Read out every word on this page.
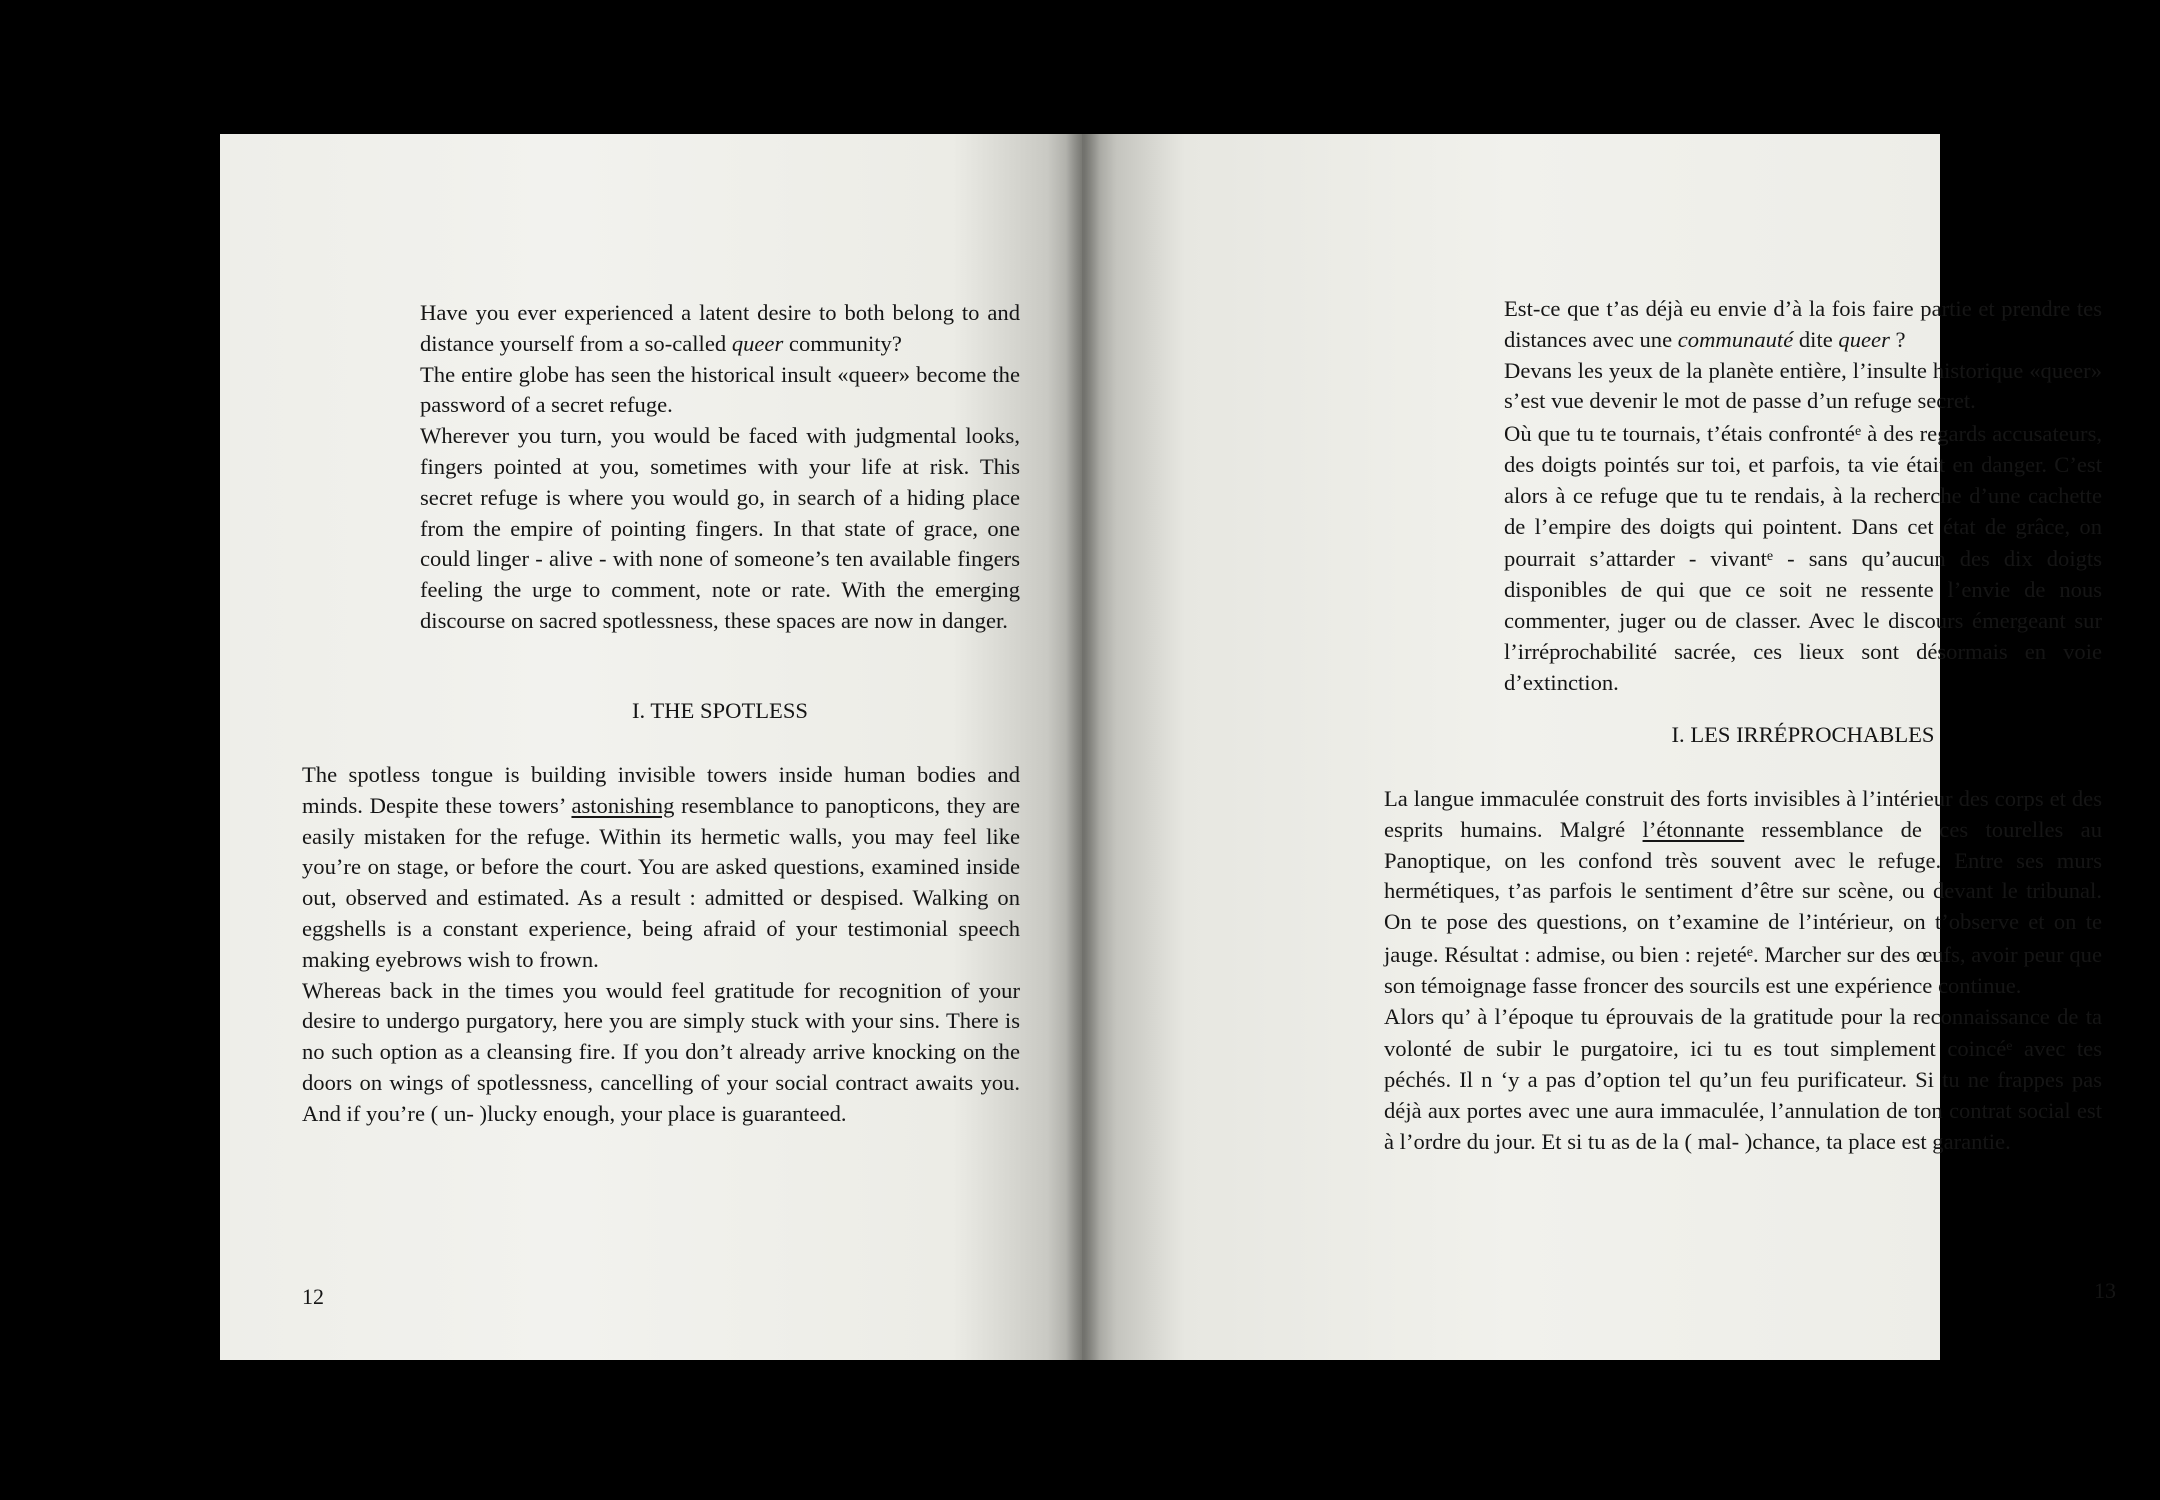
Have you ever experienced a latent desire to both belong to and distance yourself from a so-called queer community?

The entire globe has seen the historical insult «queer» become the password of a secret refuge.

Wherever you turn, you would be faced with judgmental looks, fingers pointed at you, sometimes with your life at risk. This secret refuge is where you would go, in search of a hiding place from the empire of pointing fingers. In that state of grace, one could linger - alive - with none of someone’s ten available fingers feeling the urge to comment, note or rate. With the emerging discourse on sacred spotlessness, these spaces are now in danger.

I. THE SPOTLESS

The spotless tongue is building invisible towers inside human bodies and minds. Despite these towers’ astonishing resemblance to panopticons, they are easily mistaken for the refuge. Within its hermetic walls, you may feel like you’re on stage, or before the court. You are asked questions, examined inside out, observed and estimated. As a result : admitted or despised. Walking on eggshells is a constant experience, being afraid of your testimonial speech making eyebrows wish to frown.

Whereas back in the times you would feel gratitude for recognition of your desire to undergo purgatory, here you are simply stuck with your sins. There is no such option as a cleansing fire. If you don’t already arrive knocking on the doors on wings of spotlessness, cancelling of your social contract awaits you. And if you’re ( un- )lucky enough, your place is guaranteed.

12

Est-ce que t’as déjà eu envie d’à la fois faire partie et prendre tes distances avec une communauté dite queer ?

Devans les yeux de la planète entière, l’insulte historique «queer» s’est vue devenir le mot de passe d’un refuge secret.

Où que tu te tournais, t’étais confronté$^e$ à des regards accusateurs, des doigts pointés sur toi, et parfois, ta vie était en danger. C’est alors à ce refuge que tu te rendais, à la recherche d’une cachette de l’empire des doigts qui pointent. Dans cet état de grâce, on pourrait s’attarder - vivant$^e$ - sans qu’aucun des dix doigts disponibles de qui que ce soit ne ressente l’envie de nous commenter, juger ou de classer. Avec le discours émergeant sur l’irréprochabilité sacrée, ces lieux sont désormais en voie d’extinction.

I. LES IRRÉPROCHABLES

La langue immaculée construit des forts invisibles à l’intérieur des corps et des esprits humains. Malgré l’étonnante ressemblance de ces tourelles au Panoptique, on les confond très souvent avec le refuge. Entre ses murs hermétiques, t’as parfois le sentiment d’être sur scène, ou devant le tribunal. On te pose des questions, on t’examine de l’intérieur, on t’observe et on te jauge. Résultat : admise, ou bien : rejeté$^e$. Marcher sur des œufs, avoir peur que son témoignage fasse froncer des sourcils est une expérience continue.

Alors qu’ à l’époque tu éprouvais de la gratitude pour la reconnaissance de ta volonté de subir le purgatoire, ici tu es tout simplement coincé$^e$ avec tes péchés. Il n ‘y a pas d’option tel qu’un feu purificateur. Si tu ne frappes pas déjà aux portes avec une aura immaculée, l’annulation de ton contrat social est à l’ordre du jour. Et si tu as de la ( mal- )chance, ta place est garantie.

13
